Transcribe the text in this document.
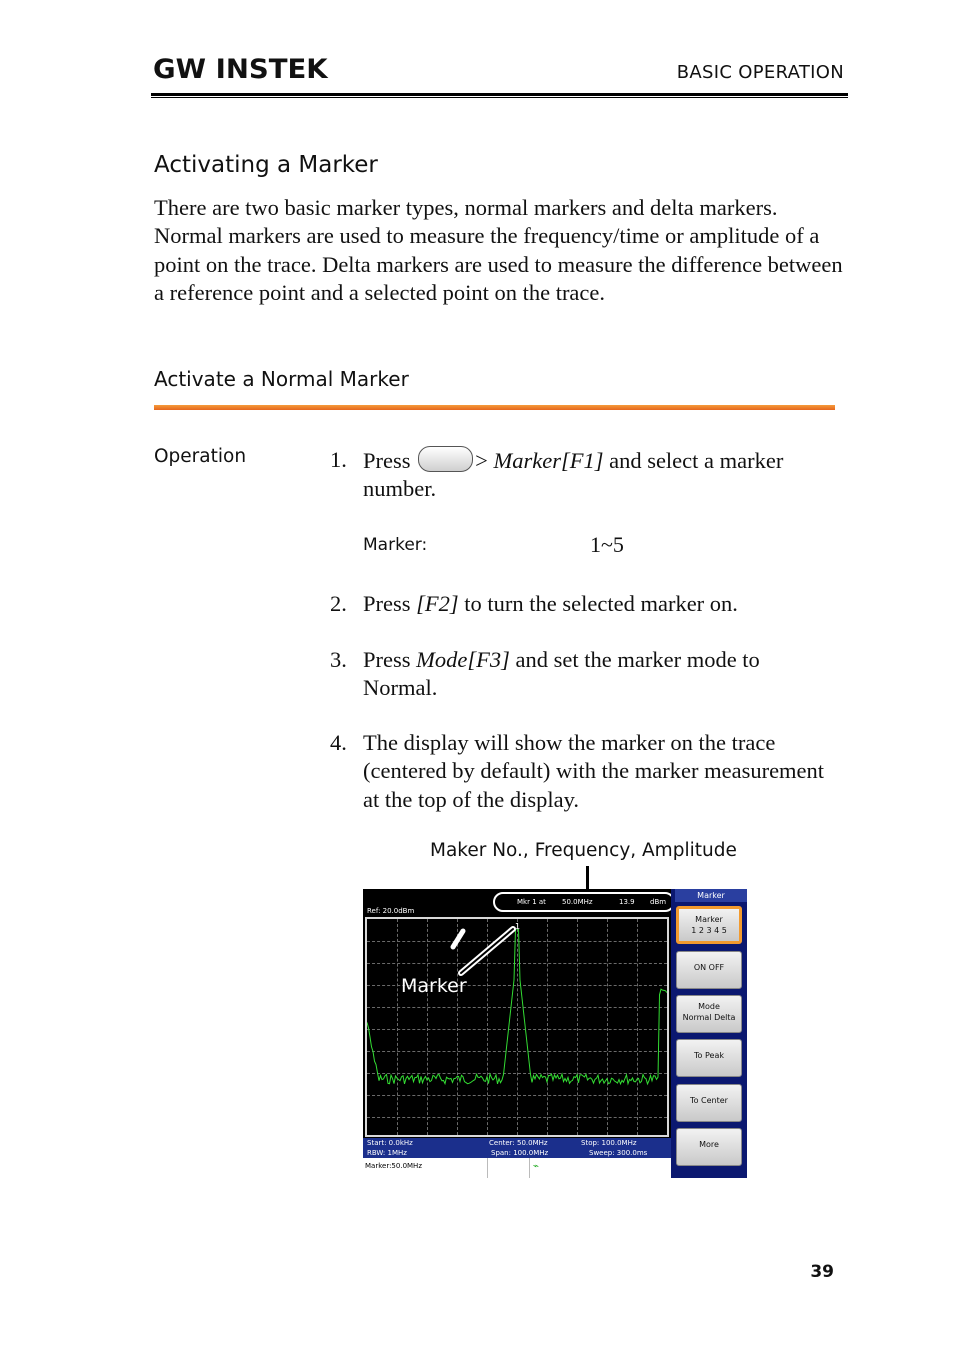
GW INSTEK	BASIC OPERATION
Activating a Marker
There are two basic marker types, normal markers and delta markers. Normal markers are used to measure the frequency/time or amplitude of a point on the trace. Delta markers are used to measure the difference between a reference point and a selected point on the trace.
Activate a Normal Marker
Operation	1. Press	> Marker[F1] and select a marker number.
Marker:	1~5
2. Press [F2] to turn the selected marker on.
3. Press Mode[F3] and set the marker mode to Normal.
4. The display will show the marker on the trace (centered by default) with the marker measurement at the top of the display.
Maker No., Frequency, Amplitude
Ref: 20.0dBm
Mkr 1 at 50.0MHz	13.9 dBm
1
Marker
Start: 0.0kHz	Center: 50.0MHz	Stop: 100.0MHz
RBW: 1MHz	Span: 100.0MHz	Sweep: 300.0ms
Marker:50.0MHz	⌁
Marker
Marker
1 2 3 4 5
ON OFF
Mode
Normal Delta
To Peak
To Center
More
39
